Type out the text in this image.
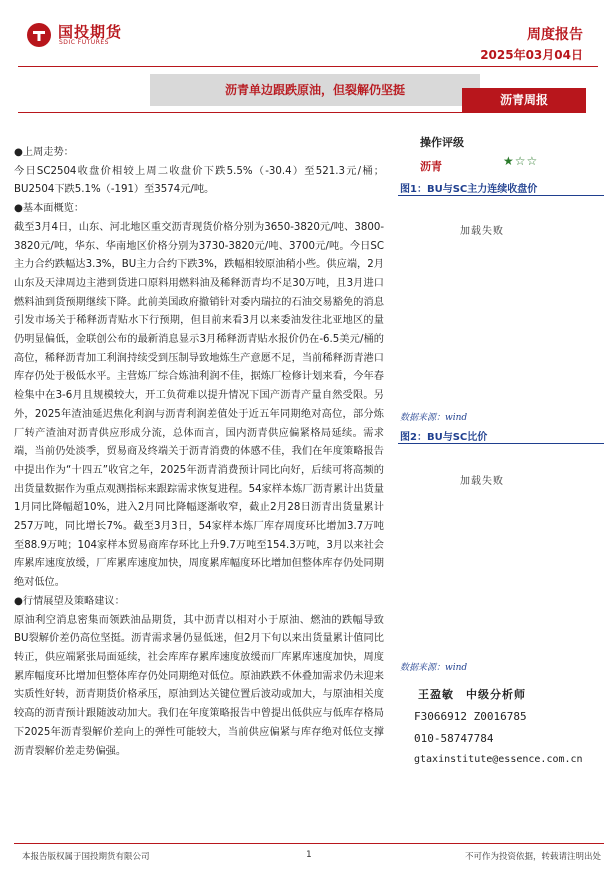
国投期货
SDIC FUTURES	周度报告
2025年03月04日
沥青单边跟跌原油，但裂解仍坚挺
沥青周报

●上周走势：

今日SC2504收盘价相较上周二收盘价下跌5.5%（-30.4）至521.3元/桶；BU2504下跌5.1%（-191）至3574元/吨。

●基本面概览：

截至3月4日，山东、河北地区重交沥青现货价格分别为3650-3820元/吨、3800-3820元/吨，华东、华南地区价格分别为3730-3820元/吨、3700元/吨。今日SC主力合约跌幅达3.3%，BU主力合约下跌3%，跌幅相较原油稍小些。供应端，2月山东及天津周边主港到货进口原料用燃料油及稀释沥青均不足30万吨，且3月进口燃料油到货预期继续下降。此前美国政府撤销针对委内瑞拉的石油交易豁免的消息引发市场关于稀释沥青贴水下行预期，但目前来看3月以来委油发往北亚地区的量仍明显偏低，金联创公布的最新消息显示3月稀释沥青贴水报价仍在-6.5美元/桶的高位，稀释沥青加工利润持续受到压制导致地炼生产意愿不足，当前稀释沥青港口库存仍处于极低水平。主营炼厂综合炼油利润不佳，据炼厂检修计划来看，今年春检集中在3-6月且规模较大，开工负荷难以提升情况下国产沥青产量自然受限。另外，2025年渣油延迟焦化利润与沥青利润差值处于近五年同期绝对高位，部分炼厂转产渣油对沥青供应形成分流，总体而言，国内沥青供应偏紧格局延续。需求端，当前仍处淡季，贸易商及终端关于沥青消费的体感不佳，我们在年度策略报告中提出作为“十四五”收官之年，2025年沥青消费预计同比向好，后续可将高频的出货量数据作为重点观测指标来跟踪需求恢复进程。54家样本炼厂沥青累计出货量1月同比降幅超10%，进入2月同比降幅逐渐收窄，截止2月28日沥青出货量累计257万吨，同比增长7%。截至3月3日，54家样本炼厂库存周度环比增加3.7万吨至88.9万吨；104家样本贸易商库存环比上升9.7万吨至154.3万吨，3月以来社会库累库速度放缓，厂库累库速度加快，周度累库幅度环比增加但整体库存仍处同期绝对低位。

●行情展望及策略建议：

原油利空消息密集而领跌油品期货，其中沥青以相对小于原油、燃油的跌幅导致BU裂解价差仍高位坚挺。沥青需求暑仍显低迷，但2月下旬以来出货量累计值同比转正，供应端紧张局面延续，社会库库存累库速度放缓而厂库累库速度加快，周度累库幅度环比增加但整体库存仍处同期绝对低位。原油跌跌不休叠加需求仍未迎来实质性好转，沥青期货价格承压，原油到达关键位置后波动或加大，与原油相关度较高的沥青预计跟随波动加大。我们在年度策略报告中曾提出低供应与低库存格局下2025年沥青裂解价差向上的弹性可能较大，当前供应偏紧与库存绝对低位支撑沥青裂解价差走势偏强。

操作评级
沥青	★☆☆
图1：BU与SC主力连续收盘价
加载失败
数据来源：wind
图2：BU与SC比价
加载失败
数据来源：wind
王盈敏　中级分析师
F3066912 Z0016785
010-58747784
gtaxinstitute@essence.com.cn
本报告版权属于国投期货有限公司	1	不可作为投资依据，转载请注明出处
